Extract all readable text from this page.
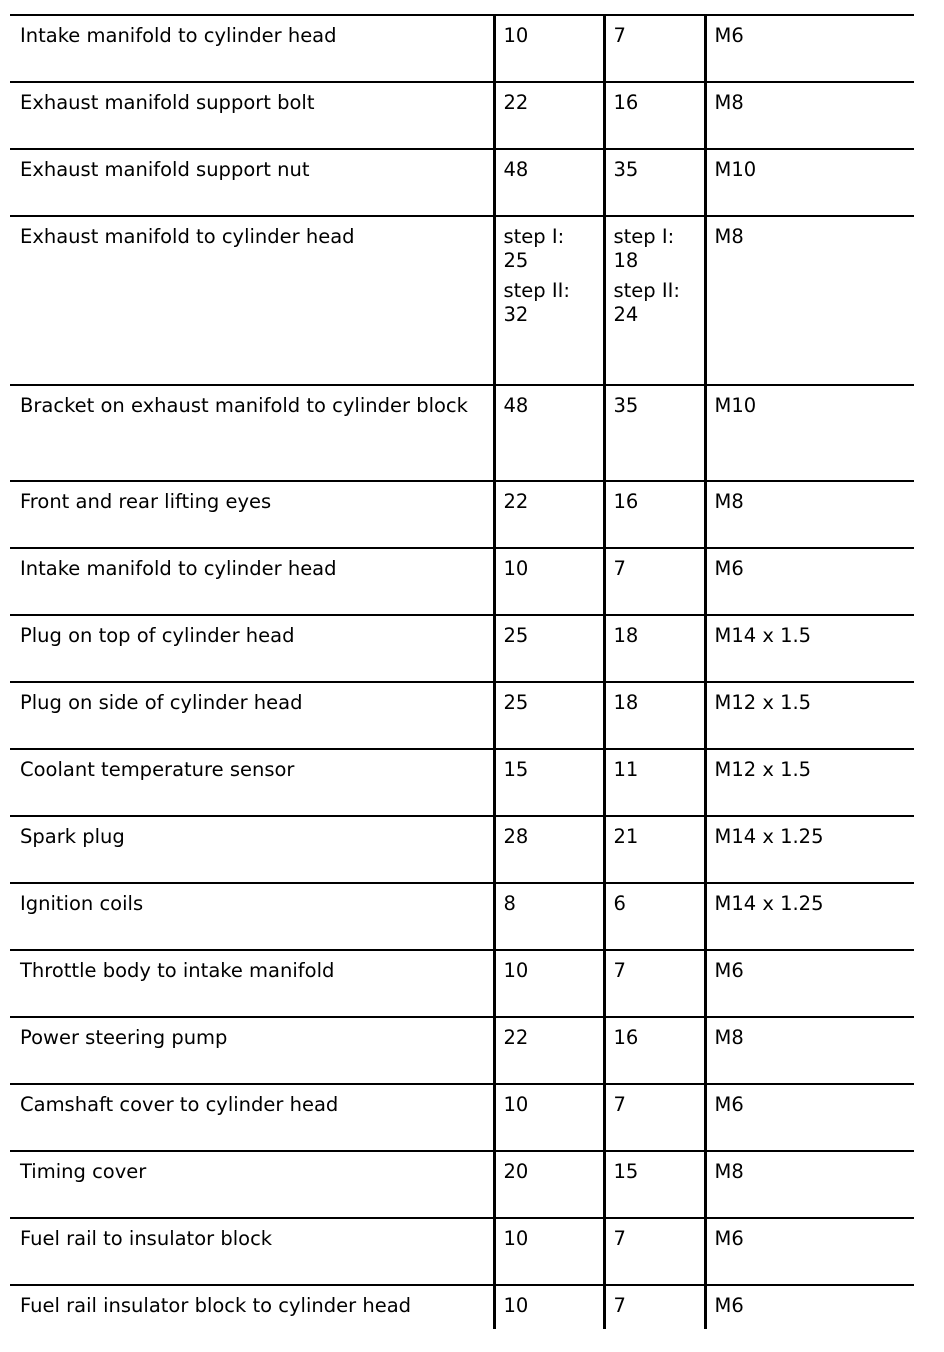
Intake manifold to cylinder head	10	7	M6
Exhaust manifold support bolt	22	16	M8
Exhaust manifold support nut	48	35	M10
Exhaust manifold to cylinder head	step I:
25
step II:
32	step I:
18
step II:
24	M8
Bracket on exhaust manifold to cylinder block	48	35	M10
Front and rear lifting eyes	22	16	M8
Intake manifold to cylinder head	10	7	M6
Plug on top of cylinder head	25	18	M14 x 1.5
Plug on side of cylinder head	25	18	M12 x 1.5
Coolant temperature sensor	15	11	M12 x 1.5
Spark plug	28	21	M14 x 1.25
Ignition coils	8	6	M14 x 1.25
Throttle body to intake manifold	10	7	M6
Power steering pump	22	16	M8
Camshaft cover to cylinder head	10	7	M6
Timing cover	20	15	M8
Fuel rail to insulator block	10	7	M6
Fuel rail insulator block to cylinder head	10	7	M6
